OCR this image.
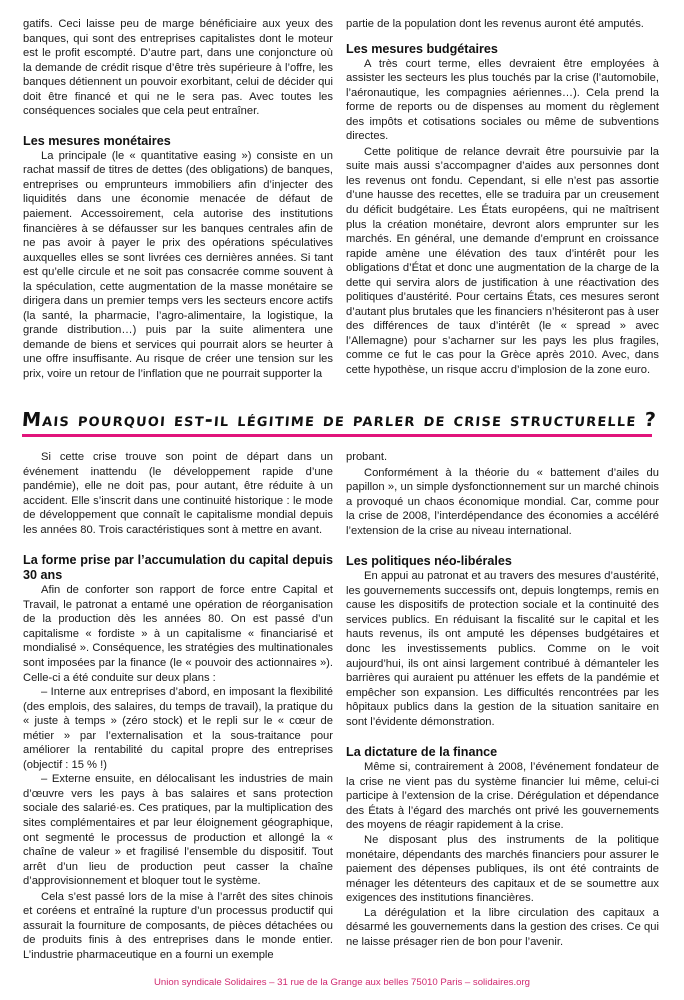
gatifs. Ceci laisse peu de marge bénéficiaire aux yeux des banques, qui sont des entreprises capitalistes dont le moteur est le profit escompté. D’autre part, dans une conjoncture où la demande de crédit risque d’être très supérieure à l’offre, les banques détiennent un pouvoir exorbitant, celui de décider qui doit être financé et qui ne le sera pas. Avec toutes les conséquences sociales que cela peut entraîner.

Les mesures monétaires

La principale (le « quantitative easing ») consiste en un rachat massif de titres de dettes (des obligations) de banques, entreprises ou emprunteurs immobiliers afin d’injecter des liquidités dans une économie menacée de défaut de paiement. Accessoirement, cela autorise des institutions financières à se défausser sur les banques centrales afin de ne pas avoir à payer le prix des opérations spéculatives auxquelles elles se sont livrées ces dernières années. Si tant est qu’elle circule et ne soit pas consacrée comme souvent à la spéculation, cette augmentation de la masse monétaire se dirigera dans un premier temps vers les secteurs encore actifs (la santé, la pharmacie, l’agro-alimentaire, la logistique, la grande distribution…) puis par la suite alimentera une demande de biens et services qui pourrait alors se heurter à une offre insuffisante. Au risque de créer une tension sur les prix, voire un retour de l’inflation que ne pourrait supporter la

partie de la population dont les revenus auront été amputés.

Les mesures budgétaires

A très court terme, elles devraient être employées à assister les secteurs les plus touchés par la crise (l’automobile, l’aéronautique, les compagnies aériennes…). Cela prend la forme de reports ou de dispenses au moment du règlement des impôts et cotisations sociales ou même de subventions directes.

Cette politique de relance devrait être poursuivie par la suite mais aussi s’accompagner d’aides aux personnes dont les revenus ont fondu. Cependant, si elle n’est pas assortie d’une hausse des recettes, elle se traduira par un creusement du déficit budgétaire. Les États européens, qui ne maîtrisent plus la création monétaire, devront alors emprunter sur les marchés. En général, une demande d’emprunt en croissance rapide amène une élévation des taux d’intérêt pour les obligations d’État et donc une augmentation de la charge de la dette qui servira alors de justification à une réactivation des politiques d’austérité. Pour certains États, ces mesures seront d’autant plus brutales que les financiers n’hésiteront pas à user des différences de taux d’intérêt (le « spread » avec l’Allemagne) pour s’acharner sur les pays les plus fragiles, comme ce fut le cas pour la Grèce après 2010. Avec, dans cette hypothèse, un risque accru d’implosion de la zone euro.

Mais pourquoi est-il légitime de parler de crise structurelle ?

Si cette crise trouve son point de départ dans un événement inattendu (le développement rapide d’une pandémie), elle ne doit pas, pour autant, être réduite à un accident. Elle s’inscrit dans une continuité historique : le mode de développement que connaît le capitalisme mondial depuis les années 80. Trois caractéristiques sont à mettre en avant.

La forme prise par l’accumulation du capital depuis 30 ans

Afin de conforter son rapport de force entre Capital et Travail, le patronat a entamé une opération de réorganisation de la production dès les années 80. On est passé d’un capitalisme « fordiste » à un capitalisme « financiarisé et mondialisé ». Conséquence, les stratégies des multinationales sont imposées par la finance (le « pouvoir des actionnaires »). Celle-ci a été conduite sur deux plans :

– Interne aux entreprises d’abord, en imposant la flexibilité (des emplois, des salaires, du temps de travail), la pratique du « juste à temps » (zéro stock) et le repli sur le « cœur de métier » par l’externalisation et la sous-traitance pour améliorer la rentabilité du capital propre des entreprises (objectif : 15 % !)

– Externe ensuite, en délocalisant les industries de main d’œuvre vers les pays à bas salaires et sans protection sociale des salarié·es. Ces pratiques, par la multiplication des sites complémentaires et par leur éloignement géographique, ont segmenté le processus de production et allongé la « chaîne de valeur » et fragilisé l’ensemble du dispositif. Tout arrêt d’un lieu de production peut casser la chaîne d’approvisionnement et bloquer tout le système.

Cela s’est passé lors de la mise à l’arrêt des sites chinois et coréens et entraîné la rupture d’un processus productif qui assurait la fourniture de composants, de pièces détachées ou de produits finis à des entreprises dans le monde entier. L’industrie pharmaceutique en a fourni un exemple

probant.

Conformément à la théorie du « battement d’ailes du papillon », un simple dysfonctionnement sur un marché chinois a provoqué un chaos économique mondial. Car, comme pour la crise de 2008, l’interdépendance des économies a accéléré l’extension de la crise au niveau international.

Les politiques néo-libérales

En appui au patronat et au travers des mesures d’austérité, les gouvernements successifs ont, depuis longtemps, remis en cause les dispositifs de protection sociale et la continuité des services publics. En réduisant la fiscalité sur le capital et les hauts revenus, ils ont amputé les dépenses budgétaires et donc les investissements publics. Comme on le voit aujourd’hui, ils ont ainsi largement contribué à démanteler les barrières qui auraient pu atténuer les effets de la pandémie et empêcher son expansion. Les difficultés rencontrées par les hôpitaux publics dans la gestion de la situation sanitaire en sont l’évidente démonstration.

La dictature de la finance

Même si, contrairement à 2008, l’événement fondateur de la crise ne vient pas du système financier lui même, celui-ci participe à l’extension de la crise. Dérégulation et dépendance des États à l’égard des marchés ont privé les gouvernements des moyens de réagir rapidement à la crise.

Ne disposant plus des instruments de la politique monétaire, dépendants des marchés financiers pour assurer le paiement des dépenses publiques, ils ont été contraints de ménager les détenteurs des capitaux et de se soumettre aux exigences des institutions financières.

La dérégulation et la libre circulation des capitaux a désarmé les gouvernements dans la gestion des crises. Ce qui ne laisse présager rien de bon pour l’avenir.

Union syndicale Solidaires – 31 rue de la Grange aux belles 75010 Paris – solidaires.org
